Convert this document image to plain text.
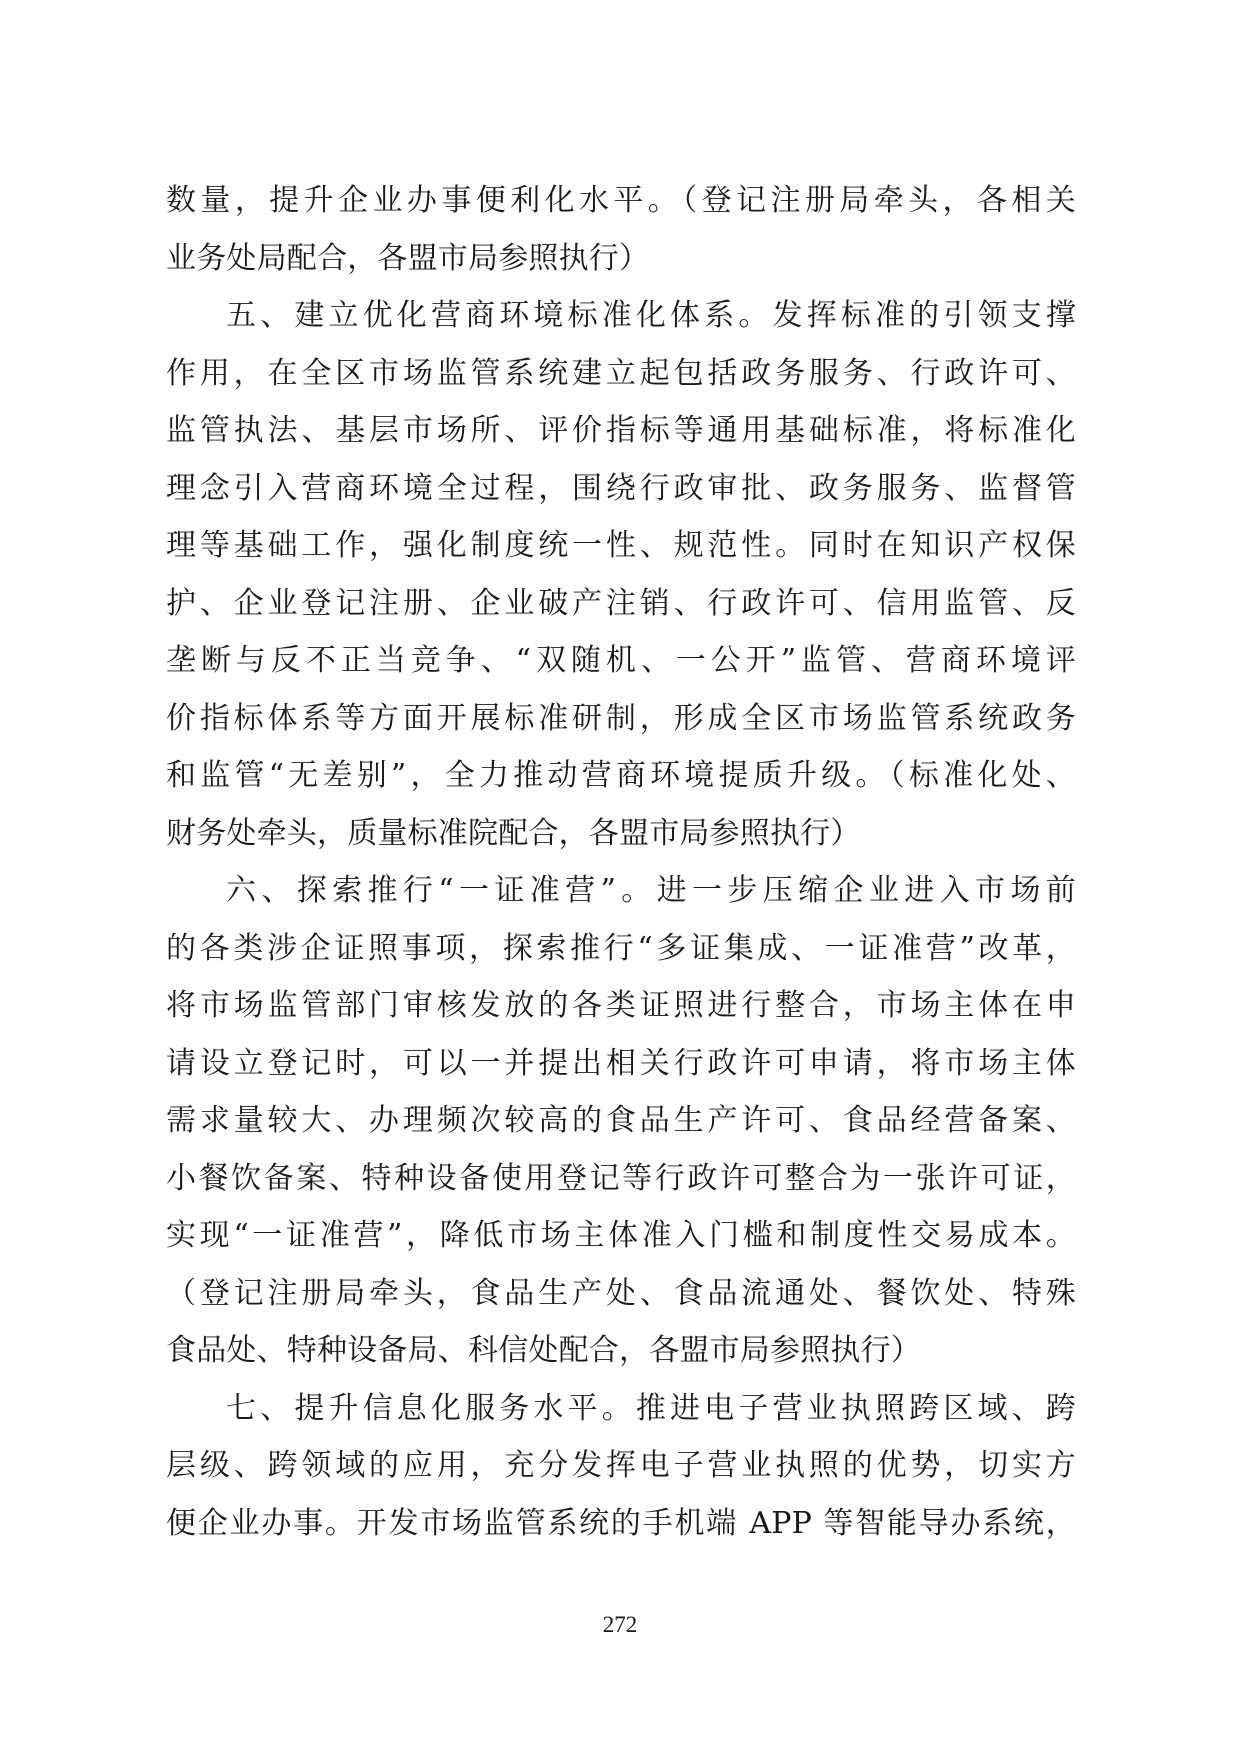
数量，提升企业办事便利化水平。（登记注册局牵头，各相关
业务处局配合，各盟市局参照执行）
五、建立优化营商环境标准化体系。发挥标准的引领支撑
作用，在全区市场监管系统建立起包括政务服务、行政许可、
监管执法、基层市场所、评价指标等通用基础标准，将标准化
理念引入营商环境全过程，围绕行政审批、政务服务、监督管
理等基础工作，强化制度统一性、规范性。同时在知识产权保
护、企业登记注册、企业破产注销、行政许可、信用监管、反
垄断与反不正当竞争、“双随机、一公开”监管、营商环境评
价指标体系等方面开展标准研制，形成全区市场监管系统政务
和监管“无差别”，全力推动营商环境提质升级。（标准化处、
财务处牵头，质量标准院配合，各盟市局参照执行）
六、探索推行“一证准营”。进一步压缩企业进入市场前
的各类涉企证照事项，探索推行“多证集成、一证准营”改革，
将市场监管部门审核发放的各类证照进行整合，市场主体在申
请设立登记时，可以一并提出相关行政许可申请，将市场主体
需求量较大、办理频次较高的食品生产许可、食品经营备案、
小餐饮备案、特种设备使用登记等行政许可整合为一张许可证，
实现“一证准营”，降低市场主体准入门槛和制度性交易成本。
（登记注册局牵头，食品生产处、食品流通处、餐饮处、特殊
食品处、特种设备局、科信处配合，各盟市局参照执行）
七、提升信息化服务水平。推进电子营业执照跨区域、跨
层级、跨领域的应用，充分发挥电子营业执照的优势，切实方
便企业办事。开发市场监管系统的手机端 APP 等智能导办系统，
272
